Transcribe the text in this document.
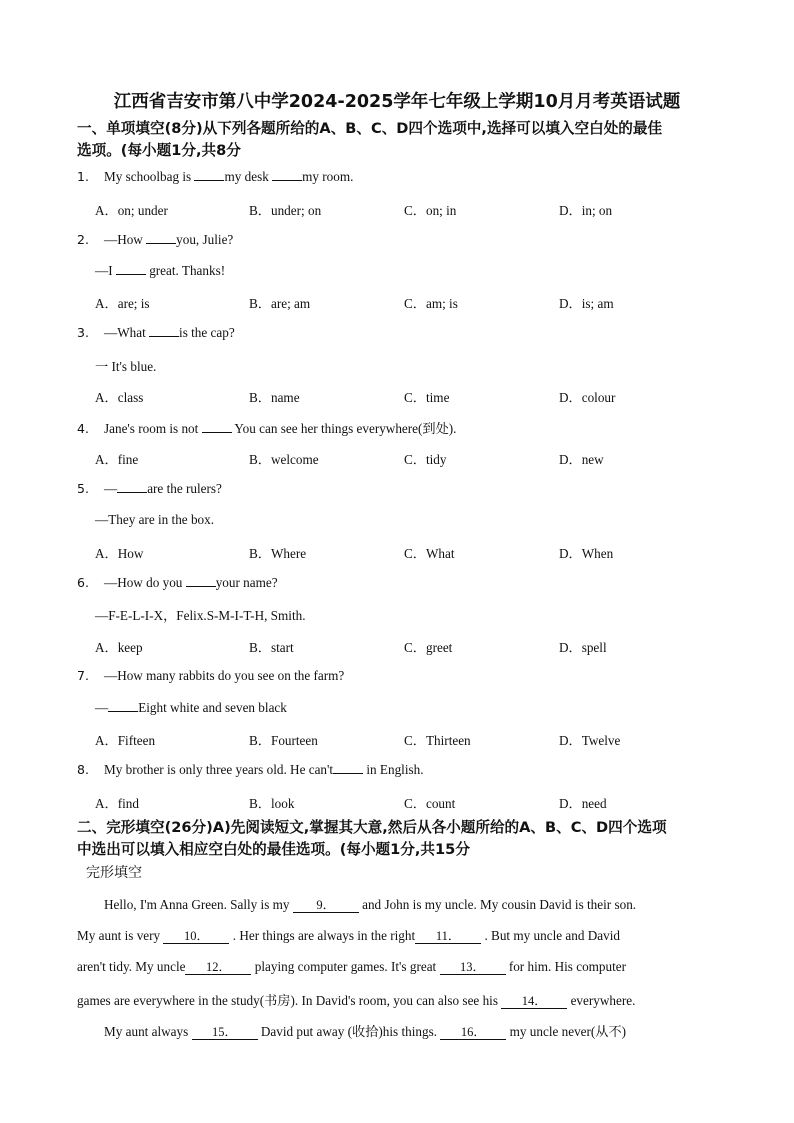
江西省吉安市第八中学2024-2025学年七年级上学期10月月考英语试题
一、单项填空(8分)从下列各题所给的A、B、C、D四个选项中,选择可以填入空白处的最佳
选项。(每小题1分,共8分
1. My schoolbag is my desk my room.
A．on; under	B．under; on	C．on; in	D．in; on
2. —How you, Julie?
—I  great. Thanks!
A．are; is	B．are; am	C．am; is	D．is; am
3. —What is the cap?
一 It's blue.
A．class	B．name	C．time	D．colour
4. Jane's room is not  You can see her things everywhere(到处).
A．fine	B．welcome	C．tidy	D．new
5. — are the rulers?
—They are in the box.
A．How	B．Where	C．What	D．When
6. —How do you your name?
—F-E-L-I-X，Felix.S-M-I-T-H, Smith.
A．keep	B．start	C．greet	D．spell
7. —How many rabbits do you see on the farm?
— Eight white and seven black
A．Fifteen	B．Fourteen	C．Thirteen	D．Twelve
8. My brother is only three years old. He can't in English.
A．find	B．look	C．count	D．need
二、完形填空(26分)A)先阅读短文,掌握其大意,然后从各小题所给的A、B、C、D四个选项
中选出可以填入相应空白处的最佳选项。(每小题1分,共15分
完形填空
Hello, I'm Anna Green. Sally is my 9． and John is my uncle. My cousin David is their son.
My aunt is very 10． . Her things are always in the right 11． . But my uncle and David
aren't tidy. My uncle 12． playing computer games. It's great 13． for him. His computer
games are everywhere in the study(书房). In David's room, you can also see his 14． everywhere.
My aunt always 15． David put away (收拾)his things. 16． my uncle never(从不)
